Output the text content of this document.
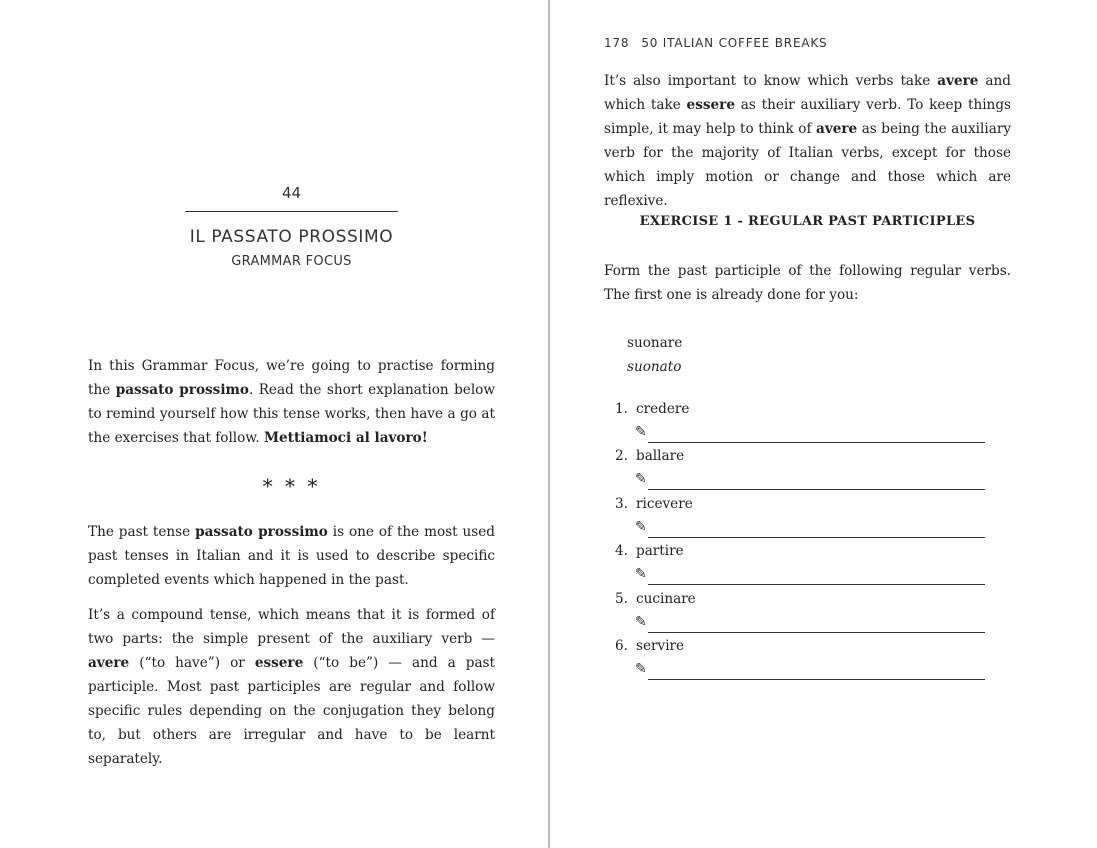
44
IL PASSATO PROSSIMO
GRAMMAR FOCUS

In this Grammar Focus, we’re going to practise forming the passato prossimo. Read the short explanation below to remind yourself how this tense works, then have a go at the exercises that follow. Mettiamoci al lavoro!

* * *

The past tense passato prossimo is one of the most used past tenses in Italian and it is used to describe specific completed events which happened in the past.

It’s a compound tense, which means that it is formed of two parts: the simple present of the auxiliary verb — avere (“to have”) or essere (“to be”) — and a past participle. Most past participles are regular and follow specific rules depending on the conjugation they belong to, but others are irregular and have to be learnt separately.

178 50 ITALIAN COFFEE BREAKS

It’s also important to know which verbs take avere and which take essere as their auxiliary verb. To keep things simple, it may help to think of avere as being the auxiliary verb for the majority of Italian verbs, except for those which imply motion or change and those which are reflexive.

EXERCISE 1 - REGULAR PAST PARTICIPLES

Form the past participle of the following regular verbs. The first one is already done for you:

suonare
suonato
1. credere
✎
2. ballare
✎
3. ricevere
✎
4. partire
✎
5. cucinare
✎
6. servire
✎
